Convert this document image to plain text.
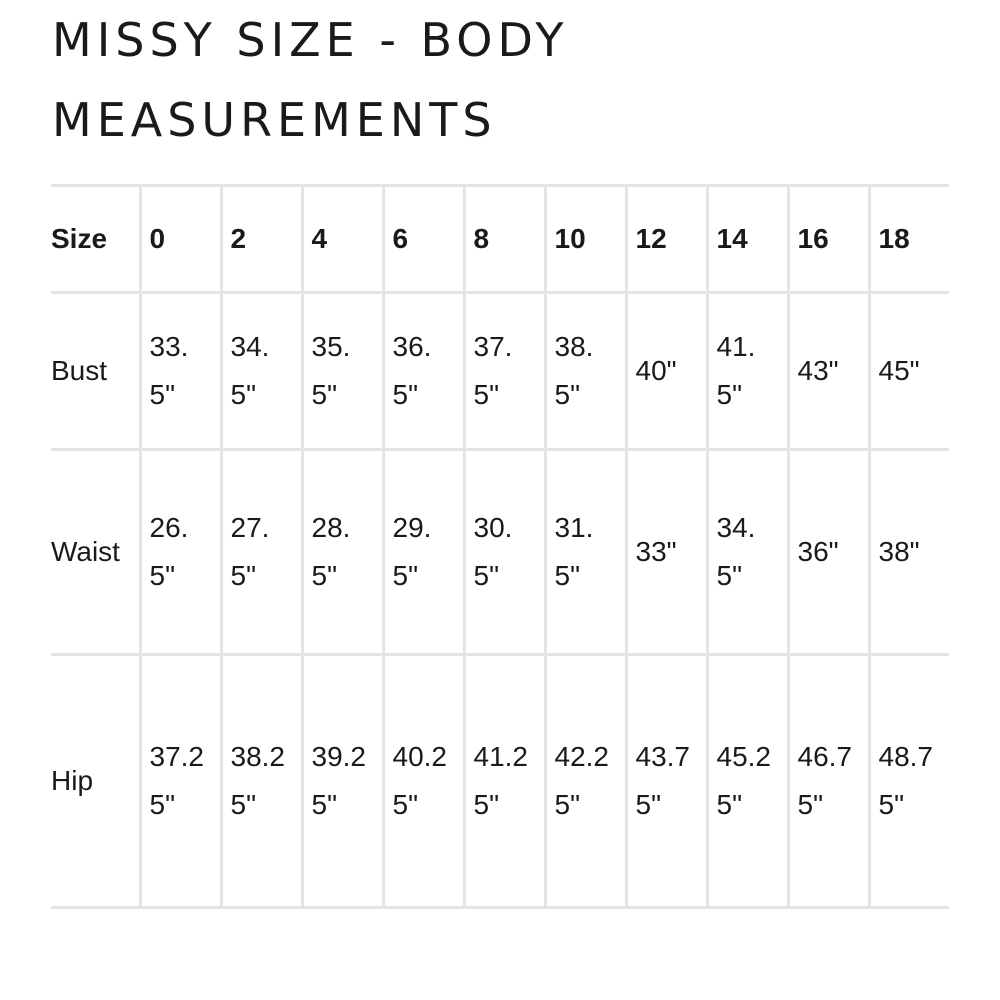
MISSY SIZE - BODY
MEASUREMENTS
Size	0	2	4	6	8	10	12	14	16	18
Bust	33.5"	34.5"	35.5"	36.5"	37.5"	38.5"	40"	41.5"	43"	45"
Waist	26.5"	27.5"	28.5"	29.5"	30.5"	31.5"	33"	34.5"	36"	38"
Hip	37.25"	38.25"	39.25"	40.25"	41.25"	42.25"	43.75"	45.25"	46.75"	48.75"
